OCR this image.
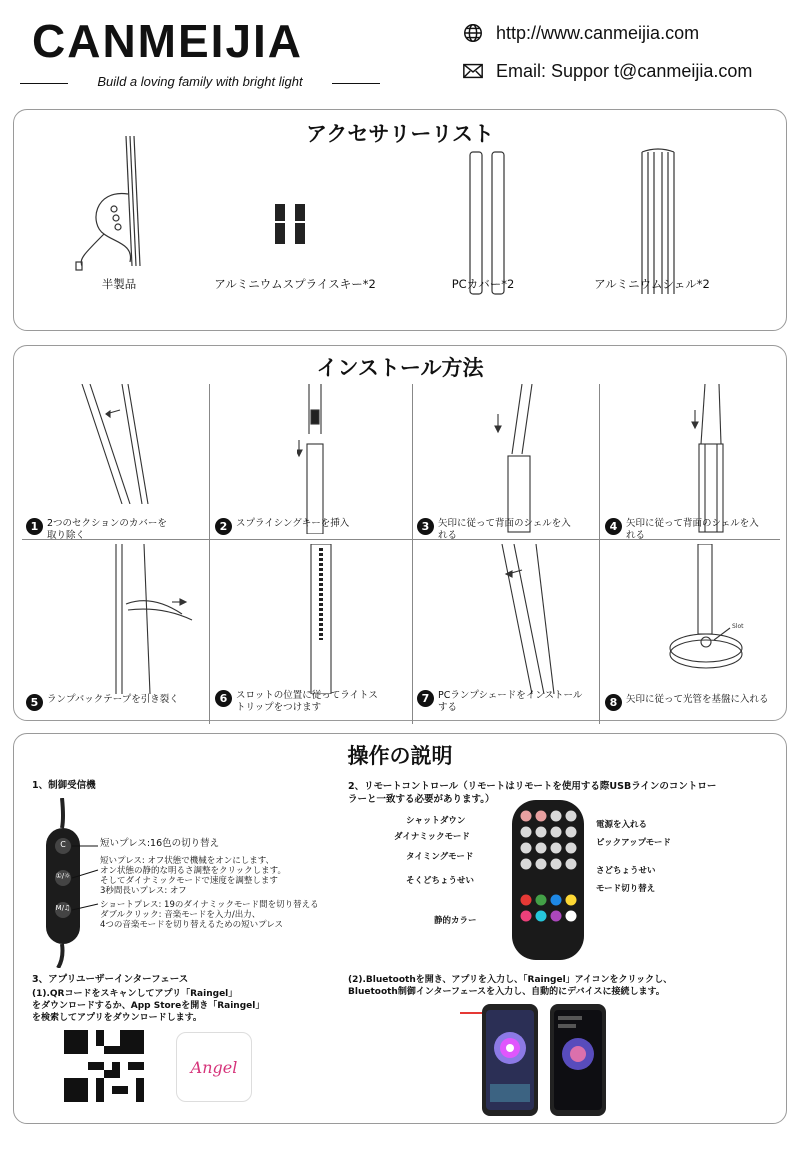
CANMEIJIA
Build a loving family with bright light
http://www.canmeijia.com
Email: Suppor t@canmeijia.com
アクセサリーリスト
半製品	アルミニウムスプライスキー*2	PCカバー*2	アルミニウムシェル*2
インストール方法
Slot
1 2つのセクションのカバーを取り除く
2 スプライシングキーを挿入	3 矢印に従って背面のシェルを入れる
4 矢印に従って背面のシェルを入れる
5 ランプバックテープを引き裂く	6 スロットの位置に従ってライトストリップをつけます
7 PCランプシェードをインストールする	8 矢印に従って光管を基盤に入れる
操作の説明
1、制御受信機
C
①/☼
M/♫
短いプレス:16色の切り替え
短いプレス: オフ状態で機械をオンにします、
オン状態の静的な明るさ調整をクリックします。
そしてダイナミックモードで速度を調整します
3秒間長いプレス: オフ
ショートプレス: 19のダイナミックモード間を切り替える
ダブルクリック: 音楽モードを入力/出力、
4つの音楽モードを切り替えるための短いプレス
2、リモートコントロール（リモートはリモートを使用する際USBラインのコントロー
ラーと一致する必要があります。）
シャットダウン
ダイナミックモード
タイミングモード
そくどちょうせい
静的カラー
電源を入れる
ピックアップモード
さどちょうせい
モード切り替え
3、アプリユーザーインターフェース
(1).QRコードをスキャンしてアプリ「Raingel」
をダウンロードするか、App Storeを開き「Raingel」
を検索してアプリをダウンロードします。
Angel
(2).Bluetoothを開き、アプリを入力し、「Raingel」アイコンをクリックし、
Bluetooth制御インターフェースを入力し、自動的にデバイスに接続します。
